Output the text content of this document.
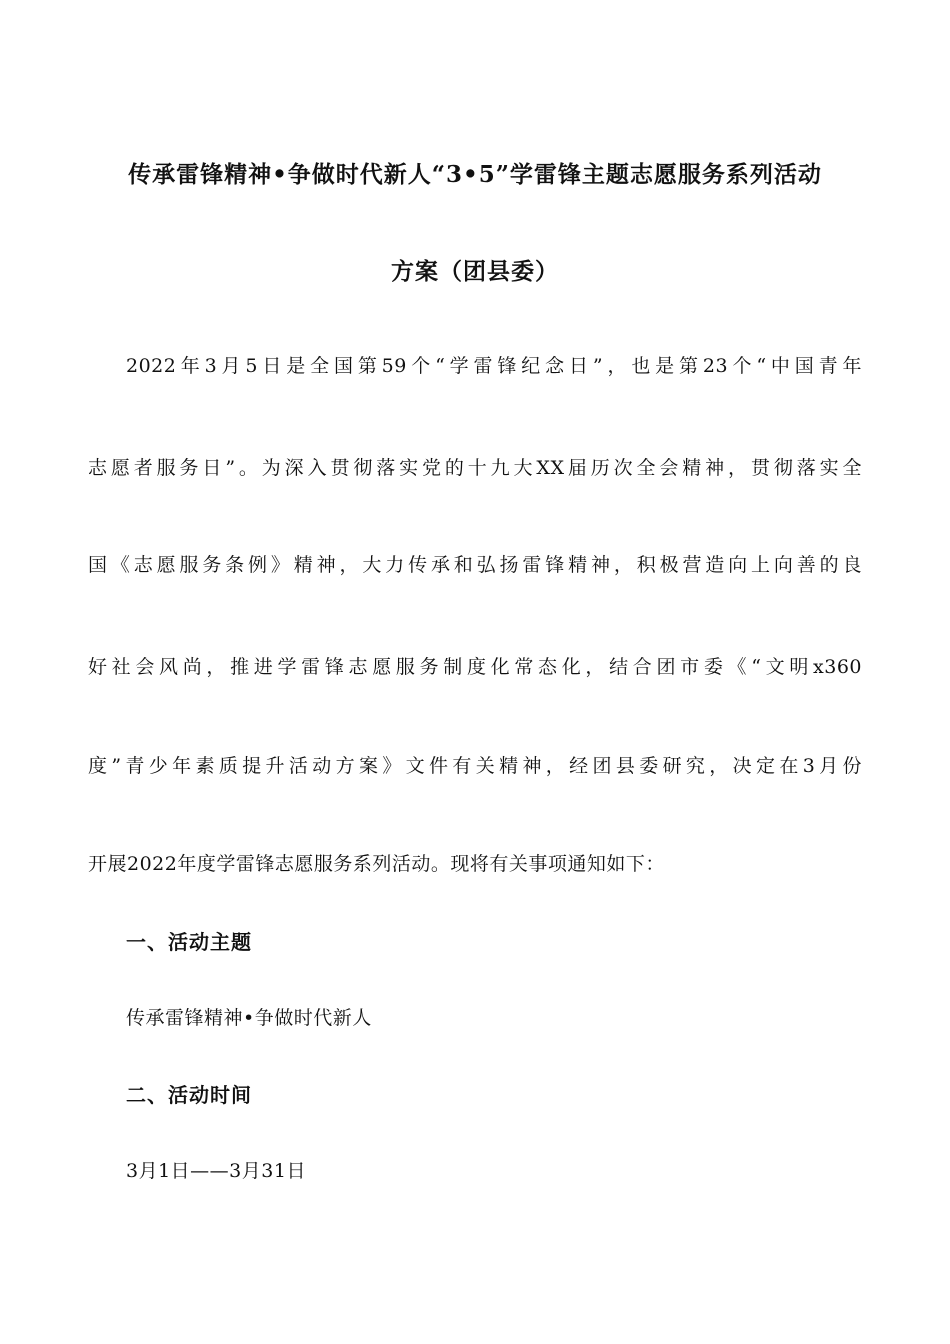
传承雷锋精神•争做时代新人“3•5”学雷锋主题志愿服务系列活动
方案（团县委）
2022年3月5日是全国第59个“学雷锋纪念日”，也是第23个“中国青年
志愿者服务日”。为深入贯彻落实党的十九大XX届历次全会精神，贯彻落实全
国《志愿服务条例》精神，大力传承和弘扬雷锋精神，积极营造向上向善的良
好社会风尚，推进学雷锋志愿服务制度化常态化，结合团市委《“文明x360
度”青少年素质提升活动方案》文件有关精神，经团县委研究，决定在3月份
开展2022年度学雷锋志愿服务系列活动。现将有关事项通知如下：
一、活动主题
传承雷锋精神•争做时代新人
二、活动时间
3月1日——3月31日
